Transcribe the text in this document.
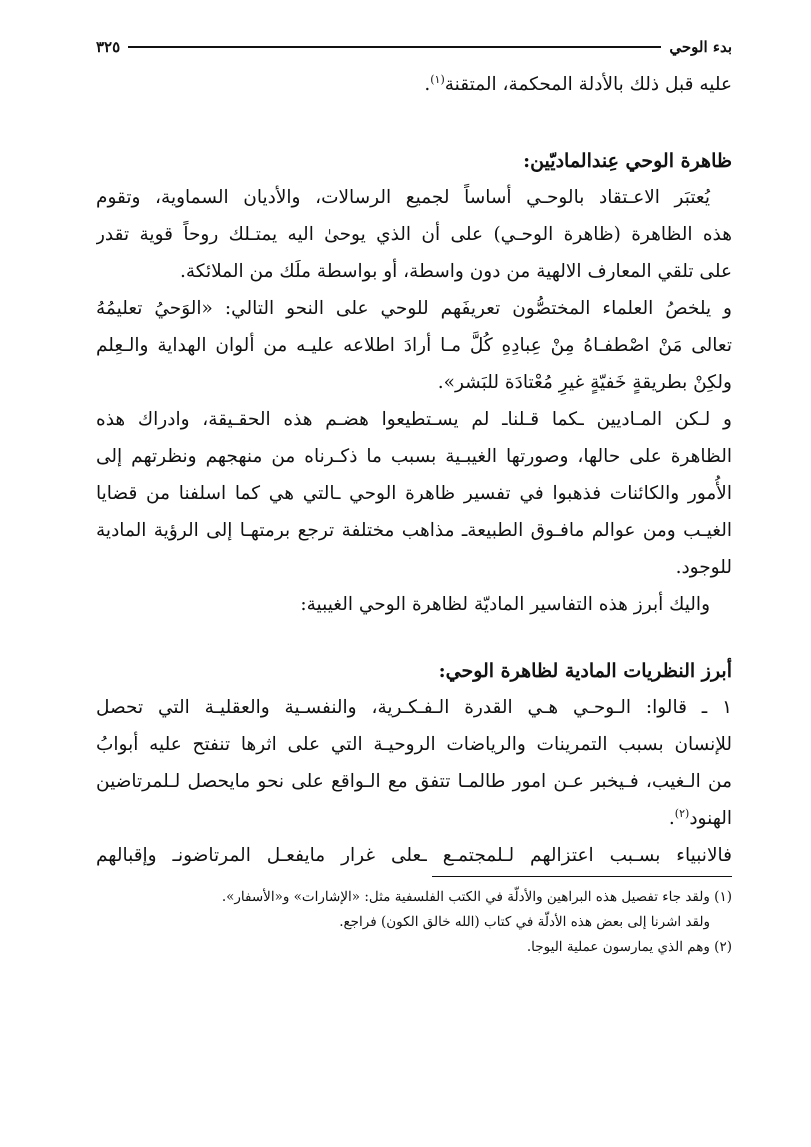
بدء الوحي
٣٢٥
عليه قبل ذلك بالأدلة المحكمة، المتقنة$^{(١)}$.
ظاهرة الوحي عِندالماديّين:
يُعتبَر الاعـتقاد بالوحـي أساساً لجميع الرسالات، والأديان السماوية، وتقوم
هذه الظاهرة (ظاهرة الوحـي) على أن الذي يوحىٰ اليه يمتـلك روحاً قوية تقدر
على تلقي المعارف الالهية من دون واسطة، أو بواسطة ملَك من الملائكة.
و يلخصُ العلماء المختصُّون تعريفَهم للوحي على النحو التالي: «الوَحيُ تعليمُهُ
تعالى مَنْ اصْطفـاهُ مِنْ عِبادِهِ كُلَّ مـا أرادَ اطلاعه عليـه من ألوان الهداية والـعِلم
ولكِنْ بطريقةٍ خَفيّةٍ غيرِ مُعْتادَة للبَشر».
و لـكن المـاديين ـكما قـلناـ لم يسـتطيعوا هضـم هذه الحقـيقة، وادراك هذه
الظاهرة على حالها، وصورتها الغيبـية بسبب ما ذكـرناه من منهجهم ونظرتهم إلى
الأُمور والكائنات فذهبوا في تفسير ظاهرة الوحي ـالتي هي كما اسلفنا من قضايا
الغيـب ومن عوالم مافـوق الطبيعةـ مذاهب مختلفة ترجع برمتهـا إلى الرؤية المادية
للوجود.
واليك أبرز هذه التفاسير الماديّة لظاهرة الوحي الغيبية:
أبرز النظريات المادية لظاهرة الوحي:
١ ـ قالوا: الـوحـي هـي القدرة الـفـكـرية، والنفسـية والعقليـة التي تحصل
للإنسان بسبب التمرينات والرياضات الروحيـة التي على اثرها تنفتح عليه أبوابُ
من الـغيب، فـيخبر عـن امور طالمـا تتفق مع الـواقع على نحو مايحصل لـلمرتاضين
الهنود$^{(٢)}$.
فالانبياء بسـبب اعتزالهم لـلمجتمـع ـعلى غرار مايفعـل المرتاضونـ وإقبالهم
(١) ولقد جاء تفصيل هذه البراهين والأدلّة في الكتب الفلسفية مثل: «الإشارات» و«الأسفار».
ولقد اشرنا إلى بعض هذه الأدلّة في كتاب (الله خالق الكون) فراجع.
(٢) وهم الذي يمارسون عملية اليوجا.
